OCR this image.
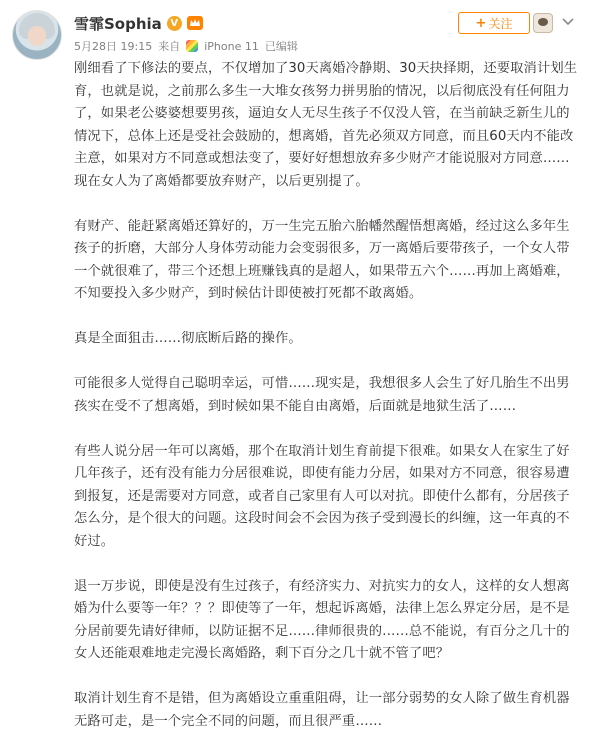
雪霏Sophia V
5月28日 19:15 来自 iPhone 11 已编辑
+ 关注

刚细看了下修法的要点，不仅增加了30天离婚冷静期、30天抉择期，还要取消计划生育，也就是说，之前那么多生一大堆女孩努力拼男胎的情况，以后彻底没有任何阻力了，如果老公婆婆想要男孩，逼迫女人无尽生孩子不仅没人管，在当前缺乏新生儿的情况下，总体上还是受社会鼓励的，想离婚，首先必须双方同意，而且60天内不能改主意，如果对方不同意或想法变了，要好好想想放弃多少财产才能说服对方同意……现在女人为了离婚都要放弃财产，以后更别提了。

有财产、能赶紧离婚还算好的，万一生完五胎六胎幡然醒悟想离婚，经过这么多年生孩子的折磨，大部分人身体劳动能力会变弱很多，万一离婚后要带孩子，一个女人带一个就很难了，带三个还想上班赚钱真的是超人，如果带五六个……再加上离婚难，不知要投入多少财产，到时候估计即使被打死都不敢离婚。

真是全面狙击……彻底断后路的操作。

可能很多人觉得自己聪明幸运，可惜……现实是，我想很多人会生了好几胎生不出男孩实在受不了想离婚，到时候如果不能自由离婚，后面就是地狱生活了……

有些人说分居一年可以离婚，那个在取消计划生育前提下很难。如果女人在家生了好几年孩子，还有没有能力分居很难说，即使有能力分居，如果对方不同意，很容易遭到报复，还是需要对方同意，或者自己家里有人可以对抗。即使什么都有，分居孩子怎么分，是个很大的问题。这段时间会不会因为孩子受到漫长的纠缠，这一年真的不好过。

退一万步说，即使是没有生过孩子，有经济实力、对抗实力的女人，这样的女人想离婚为什么要等一年？？？即使等了一年，想起诉离婚，法律上怎么界定分居，是不是分居前要先请好律师，以防证据不足……律师很贵的……总不能说，有百分之几十的女人还能艰难地走完漫长离婚路，剩下百分之几十就不管了吧？

取消计划生育不是错，但为离婚设立重重阻碍，让一部分弱势的女人除了做生育机器无路可走，是一个完全不同的问题，而且很严重……
